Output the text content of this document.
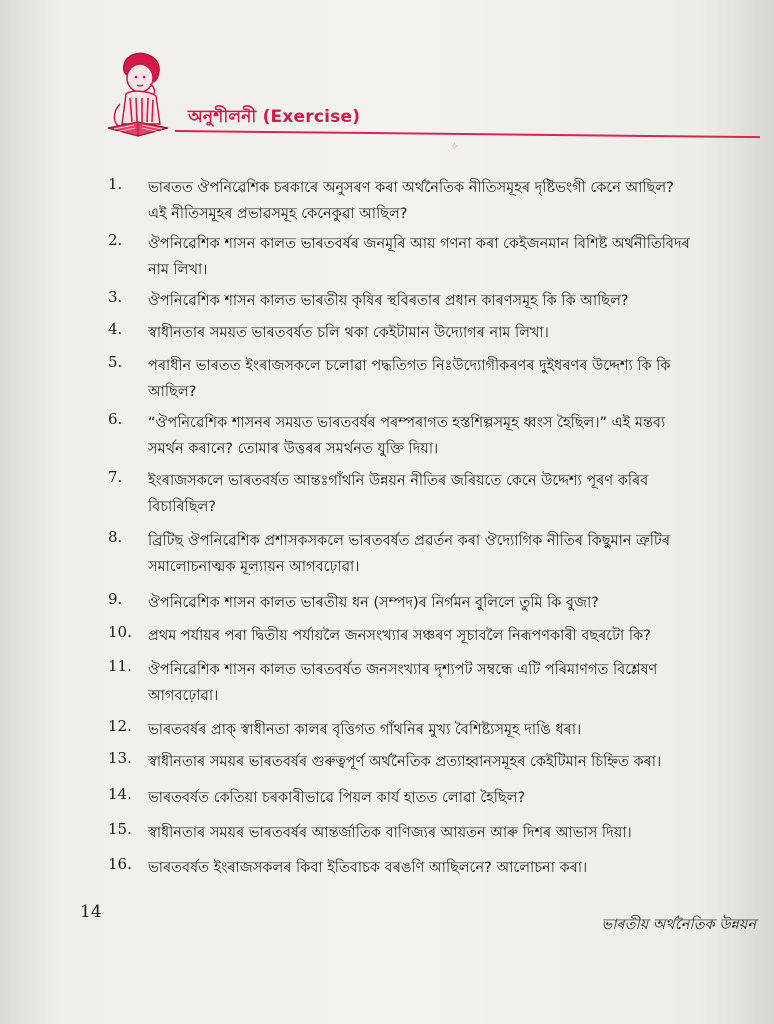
অনুশীলনী (Exercise)
✧
1.	ভাৰতত ঔপনিৱেশিক চৰকাৰে অনুসৰণ কৰা অৰ্থনৈতিক নীতিসমূহৰ দৃষ্টিভংগী কেনে আছিল?
এই নীতিসমূহৰ প্ৰভাৱসমূহ কেনেকুৱা আছিল?
2.	ঔপনিৱেশিক শাসন কালত ভাৰতবৰ্ষৰ জনমূৰি আয় গণনা কৰা কেইজনমান বিশিষ্ট অৰ্থনীতিবিদৰ
নাম লিখা।
3.	ঔপনিৱেশিক শাসন কালত ভাৰতীয় কৃষিৰ স্থবিৰতাৰ প্ৰধান কাৰণসমূহ কি কি আছিল?
4.	স্বাধীনতাৰ সময়ত ভাৰতবৰ্ষত চলি থকা কেইটামান উদ্যোগৰ নাম লিখা।
5.	পৰাধীন ভাৰতত ইংৰাজসকলে চলোৱা পদ্ধতিগত নিঃউদ্যোগীকৰণৰ দুইধৰণৰ উদ্দেশ্য কি কি
আছিল?
6.	“ঔপনিৱেশিক শাসনৰ সময়ত ভাৰতবৰ্ষৰ পৰম্পৰাগত হস্তশিল্পসমূহ ধ্বংস হৈছিল।” এই মন্তব্য
সমৰ্থন কৰানে? তোমাৰ উত্তৰৰ সমৰ্থনত যুক্তি দিয়া।
7.	ইংৰাজসকলে ভাৰতবৰ্ষত আন্তঃগাঁথনি উন্নয়ন নীতিৰ জৰিয়তে কেনে উদ্দেশ্য পূৰণ কৰিব
বিচাৰিছিল?
8.	ব্ৰিটিছ ঔপনিৱেশিক প্ৰশাসকসকলে ভাৰতবৰ্ষত প্ৰৱৰ্তন কৰা ঔদ্যোগিক নীতিৰ কিছুমান ত্ৰুটিৰ
সমালোচনাত্মক মূল্যায়ন আগবঢ়োৱা।
9.	ঔপনিৱেশিক শাসন কালত ভাৰতীয় ধন (সম্পদ)ৰ নিৰ্গমন বুলিলে তুমি কি বুজা?
10. প্ৰথম পৰ্যায়ৰ পৰা দ্বিতীয় পৰ্যায়লৈ জনসংখ্যাৰ সঞ্চৰণ সূচাবলৈ নিৰূপণকাৰী বছৰটো কি?
11. ঔপনিৱেশিক শাসন কালত ভাৰতবৰ্ষত জনসংখ্যাৰ দৃশ্যপট সম্বন্ধে এটি পৰিমাণগত বিশ্লেষণ
আগবঢ়োৱা।
12. ভাৰতবৰ্ষৰ প্ৰাক্ স্বাধীনতা কালৰ বৃত্তিগত গাঁথনিৰ মুখ্য বৈশিষ্ট্যসমূহ দাঙি ধৰা।
13. স্বাধীনতাৰ সময়ৰ ভাৰতবৰ্ষৰ গুৰুত্বপূৰ্ণ অৰ্থনৈতিক প্ৰত্যাহ্বানসমূহৰ কেইটিমান চিহ্নিত কৰা।
14. ভাৰতবৰ্ষত কেতিয়া চৰকাৰীভাৱে পিয়ল কাৰ্য হাতত লোৱা হৈছিল?
15. স্বাধীনতাৰ সময়ৰ ভাৰতবৰ্ষৰ আন্তৰ্জাতিক বাণিজ্যৰ আয়তন আৰু দিশৰ আভাস দিয়া।
16. ভাৰতবৰ্ষত ইংৰাজসকলৰ কিবা ইতিবাচক বৰঙণি আছিলনে? আলোচনা কৰা।
14
ভাৰতীয় অৰ্থনৈতিক উন্নয়ন
